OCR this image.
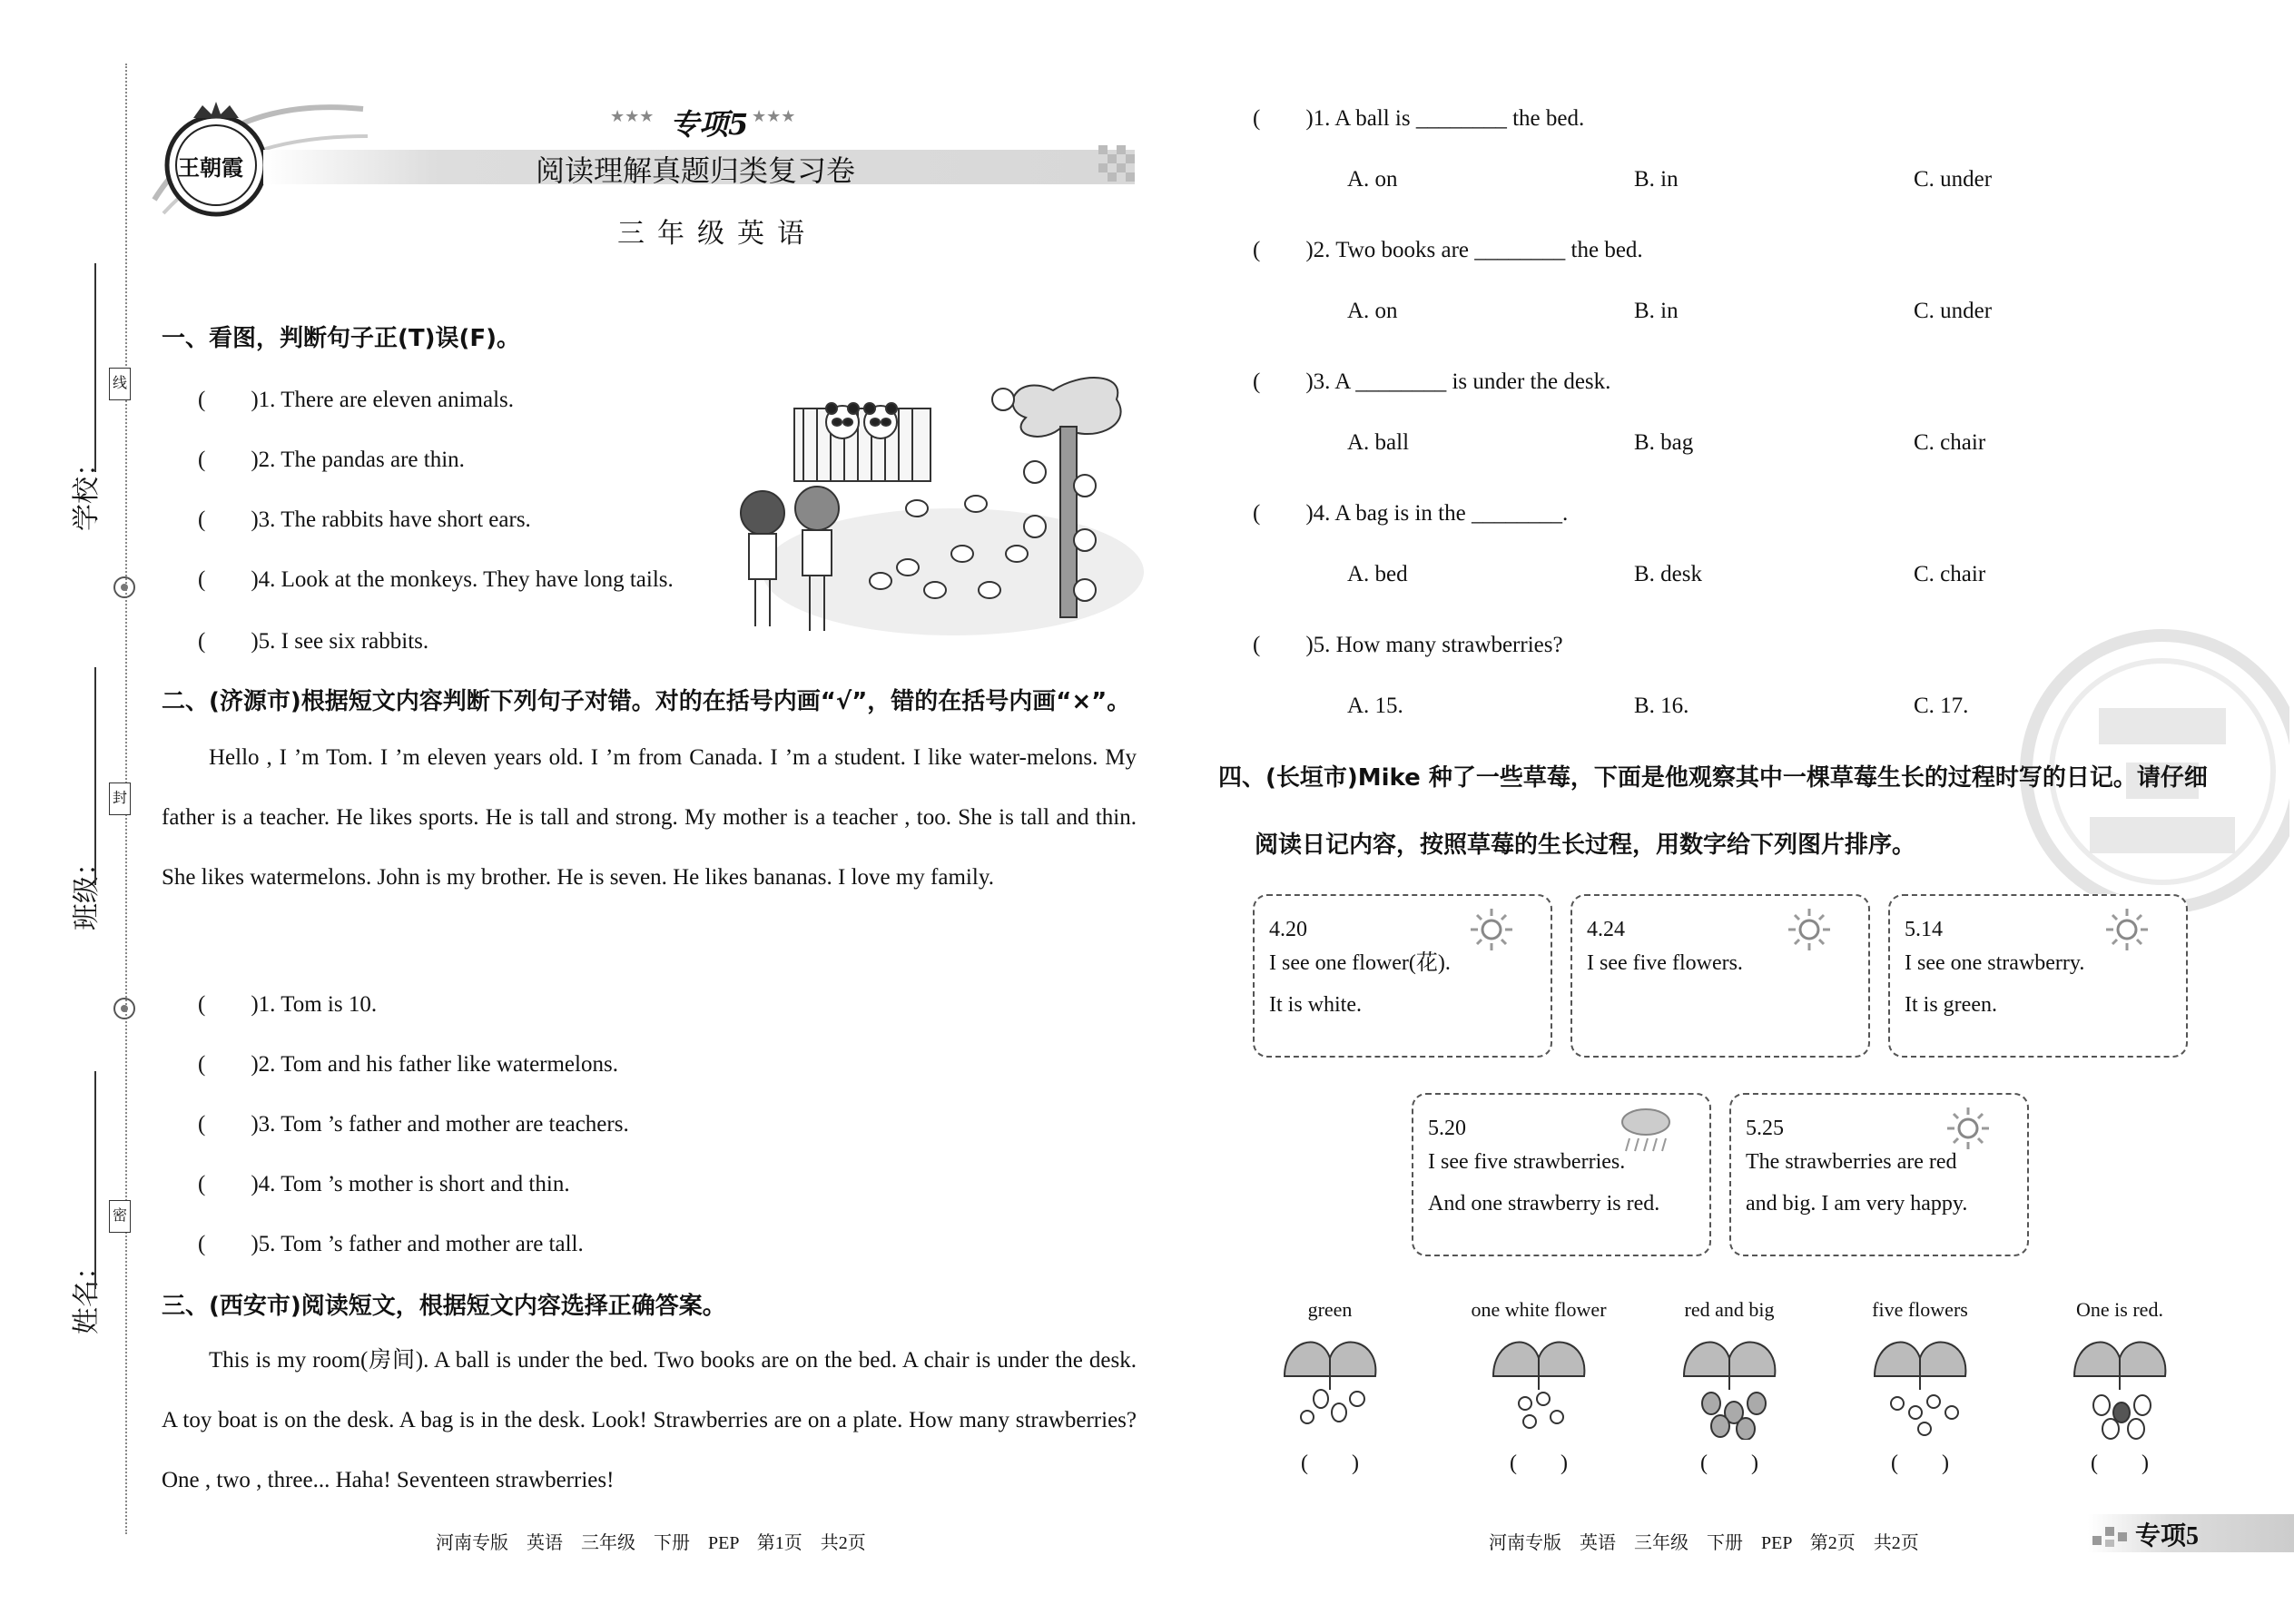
学校：
班级：
姓名：
线
封
密
王朝霞
★★★ 专项5 ★★★
阅读理解真题归类复习卷
三年级英语
一、看图，判断句子正(T)误(F)。
(　　)1. There are eleven animals.
(　　)2. The pandas are thin.
(　　)3. The rabbits have short ears.
(　　)4. Look at the monkeys. They have long tails.
(　　)5. I see six rabbits.
二、(济源市)根据短文内容判断下列句子对错。对的在括号内画“√”，错的在括号内画“×”。
Hello , I ’m Tom. I ’m eleven years old. I ’m from Canada. I ’m a student. I like water-melons. My father is a teacher. He likes sports. He is tall and strong. My mother is a teacher , too. She is tall and thin. She likes watermelons. John is my brother. He is seven. He likes bananas. I love my family.
(　　)1. Tom is 10.
(　　)2. Tom and his father like watermelons.
(　　)3. Tom ’s father and mother are teachers.
(　　)4. Tom ’s mother is short and thin.
(　　)5. Tom ’s father and mother are tall.
三、(西安市)阅读短文，根据短文内容选择正确答案。
This is my room(房间). A ball is under the bed. Two books are on the bed. A chair is under the desk. A toy boat is on the desk. A bag is in the desk. Look! Strawberries are on a plate. How many strawberries? One , two , three... Haha! Seventeen strawberries!
河南专版　英语　三年级　下册　PEP　第1页　共2页
(　　)1. A ball is ________ the bed.
A. on	B. in	C. under
(　　)2. Two books are ________ the bed.
A. on	B. in	C. under
(　　)3. A ________ is under the desk.
A. ball	B. bag	C. chair
(　　)4. A bag is in the ________.
A. bed	B. desk	C. chair
(　　)5. How many strawberries?
A. 15.	B. 16.	C. 17.
四、(长垣市)Mike 种了一些草莓，下面是他观察其中一棵草莓生长的过程时写的日记。请仔细
阅读日记内容，按照草莓的生长过程，用数字给下列图片排序。
4.20
I see one flower(花).
It is white.
4.24
I see five flowers.
5.14
I see one strawberry.
It is green.
5.20
I see five strawberries.
And one strawberry is red.
5.25
The strawberries are red
and big. I am very happy.
green
(　　)
one white flower
(　　)
red and big
(　　)
five flowers
(　　)
One is red.
(　　)
河南专版　英语　三年级　下册　PEP　第2页　共2页	专项5
